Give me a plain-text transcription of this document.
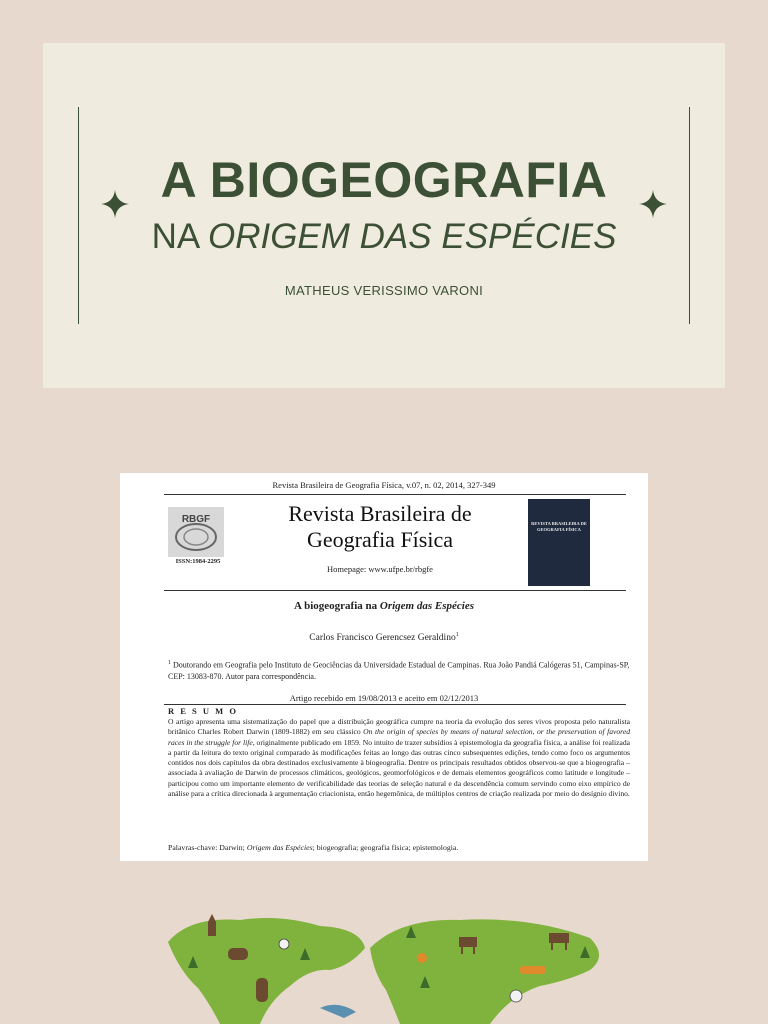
A BIOGEOGRAFIA
NA ORIGEM DAS ESPÉCIES
MATHEUS VERISSIMO VARONI
Revista Brasileira de Geografia Física, v.07, n. 02, 2014, 327-349
RBGF
ISSN:1984-2295
Revista Brasileira de
Geografia Física
Homepage: www.ufpe.br/rbgfe
REVISTA BRASILEIRA DE
GEOGRAFIA FÍSICA
A biogeografia na Origem das Espécies
Carlos Francisco Gerencsez Geraldino$^1$
$^1$ Doutorando em Geografia pelo Instituto de Geociências da Universidade Estadual de Campinas. Rua João Pandiá Calógeras 51, Campinas-SP, CEP: 13083-870. Autor para correspondência.
Artigo recebido em 19/08/2013 e aceito em 02/12/2013
R E S U M O
O artigo apresenta uma sistematização do papel que a distribuição geográfica cumpre na teoria da evolução dos seres vivos proposta pelo naturalista britânico Charles Robert Darwin (1809-1882) em seu clássico On the origin of species by means of natural selection, or the preservation of favored races in the struggle for life, originalmente publicado em 1859. No intuito de trazer subsídios à epistemologia da geografia física, a análise foi realizada a partir da leitura do texto original comparado às modificações feitas ao longo das outras cinco subsequentes edições, tendo como foco os argumentos contidos nos dois capítulos da obra destinados exclusivamente à biogeografia. Dentre os principais resultados obtidos observou-se que a biogeografia – associada à avaliação de Darwin de processos climáticos, geológicos, geomorfológicos e de demais elementos geográficos como latitude e longitude – participou como um importante elemento de verificabilidade das teorias de seleção natural e da descendência comum servindo como eixo empírico de análise para a crítica direcionada à argumentação criacionista, então hegemônica, de múltiplos centros de criação realizada por meio do desígnio divino.
Palavras-chave: Darwin; Origem das Espécies; biogeografia; geografia física; epistemologia.
